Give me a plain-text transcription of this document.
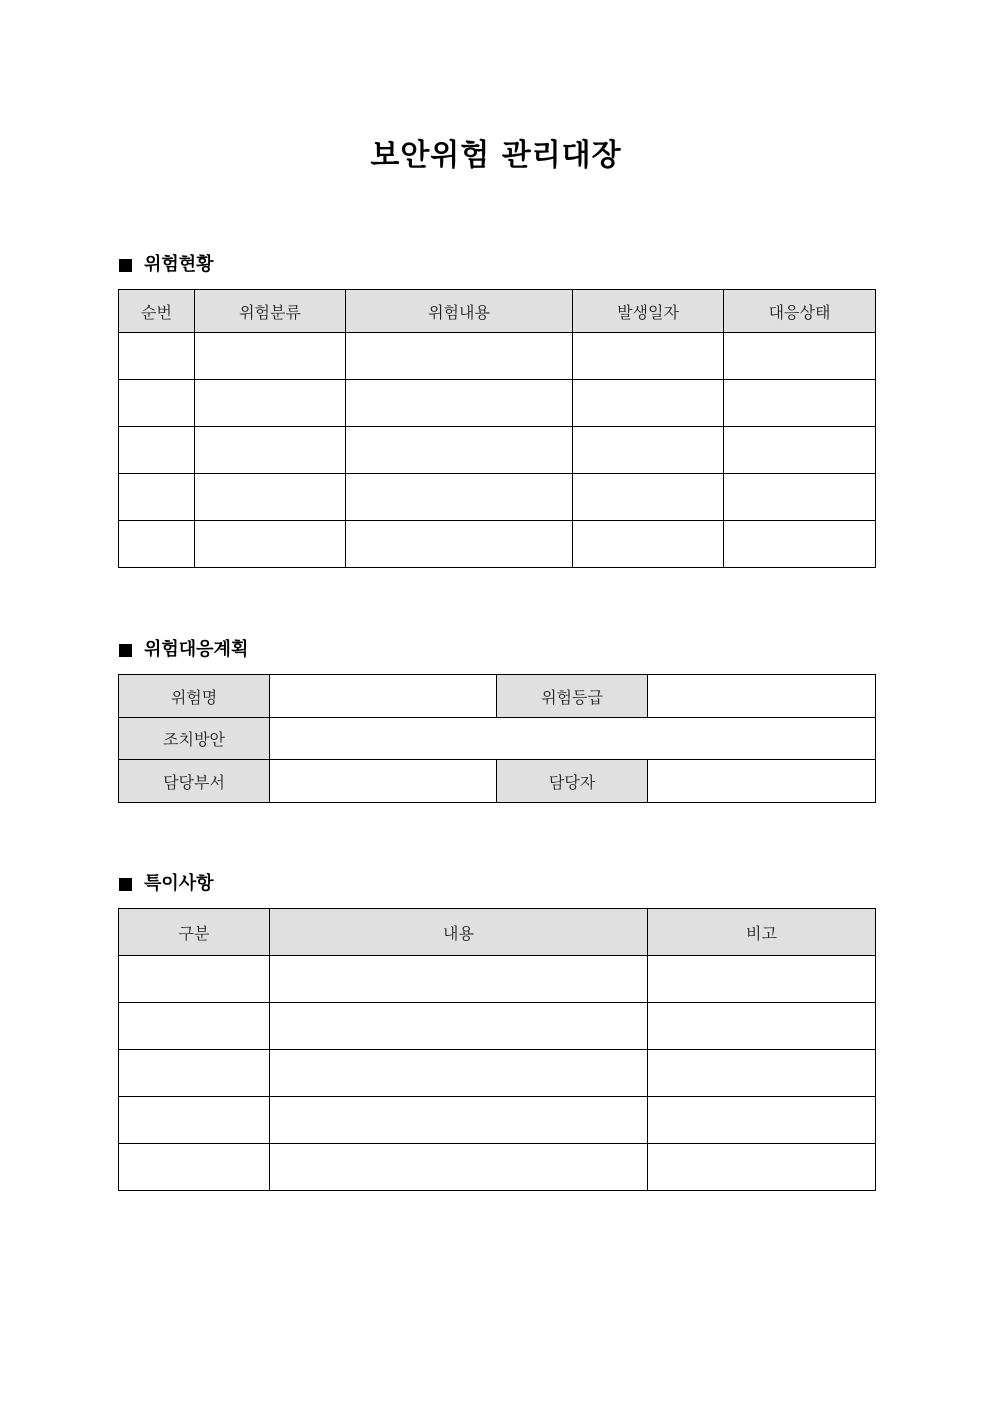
보안위험 관리대장
위험현황
순번	위험분류	위험내용	발생일자	대응상태

위험대응계획
위험명		위험등급	
조치방안			
담당부서		담당자	
특이사항
구분	내용	비고
